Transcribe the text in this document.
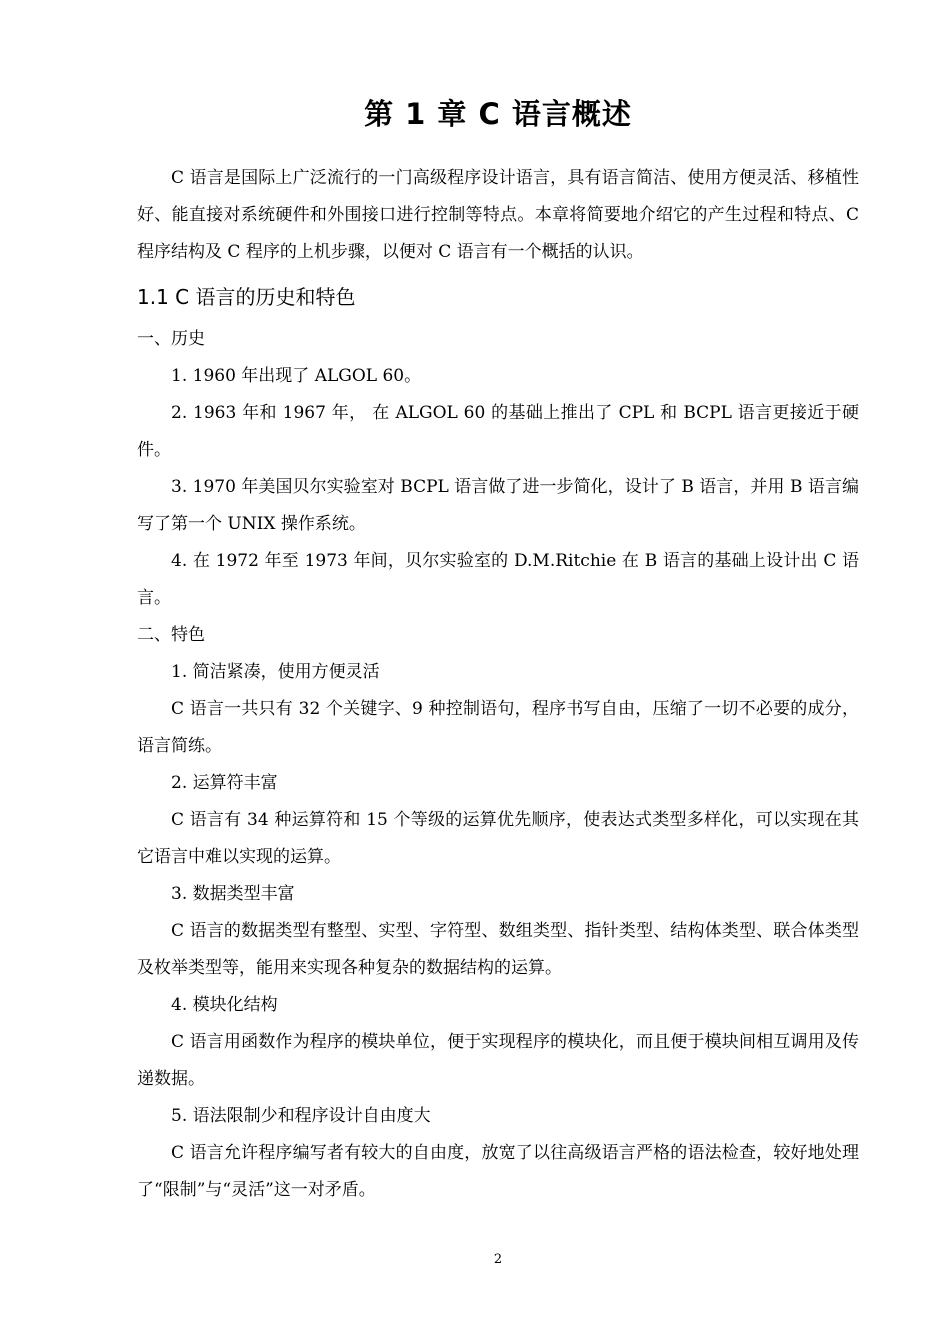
第 1 章 C 语言概述

C 语言是国际上广泛流行的一门高级程序设计语言，具有语言简洁、使用方便灵活、移植性好、能直接对系统硬件和外围接口进行控制等特点。本章将简要地介绍它的产生过程和特点、C 程序结构及 C 程序的上机步骤，以便对 C 语言有一个概括的认识。

1.1 C 语言的历史和特色

一、历史

1. 1960 年出现了 ALGOL 60。

2. 1963 年和 1967 年， 在 ALGOL 60 的基础上推出了 CPL 和 BCPL 语言更接近于硬件。

3. 1970 年美国贝尔实验室对 BCPL 语言做了进一步简化，设计了 B 语言，并用 B 语言编写了第一个 UNIX 操作系统。

4. 在 1972 年至 1973 年间，贝尔实验室的 D.M.Ritchie 在 B 语言的基础上设计出 C 语言。

二、特色

1. 简洁紧凑，使用方便灵活

C 语言一共只有 32 个关键字、9 种控制语句，程序书写自由，压缩了一切不必要的成分，语言简练。

2. 运算符丰富

C 语言有 34 种运算符和 15 个等级的运算优先顺序，使表达式类型多样化，可以实现在其它语言中难以实现的运算。

3. 数据类型丰富

C 语言的数据类型有整型、实型、字符型、数组类型、指针类型、结构体类型、联合体类型及枚举类型等，能用来实现各种复杂的数据结构的运算。

4. 模块化结构

C 语言用函数作为程序的模块单位，便于实现程序的模块化，而且便于模块间相互调用及传递数据。

5. 语法限制少和程序设计自由度大

C 语言允许程序编写者有较大的自由度，放宽了以往高级语言严格的语法检查，较好地处理了“限制”与“灵活”这一对矛盾。

2
